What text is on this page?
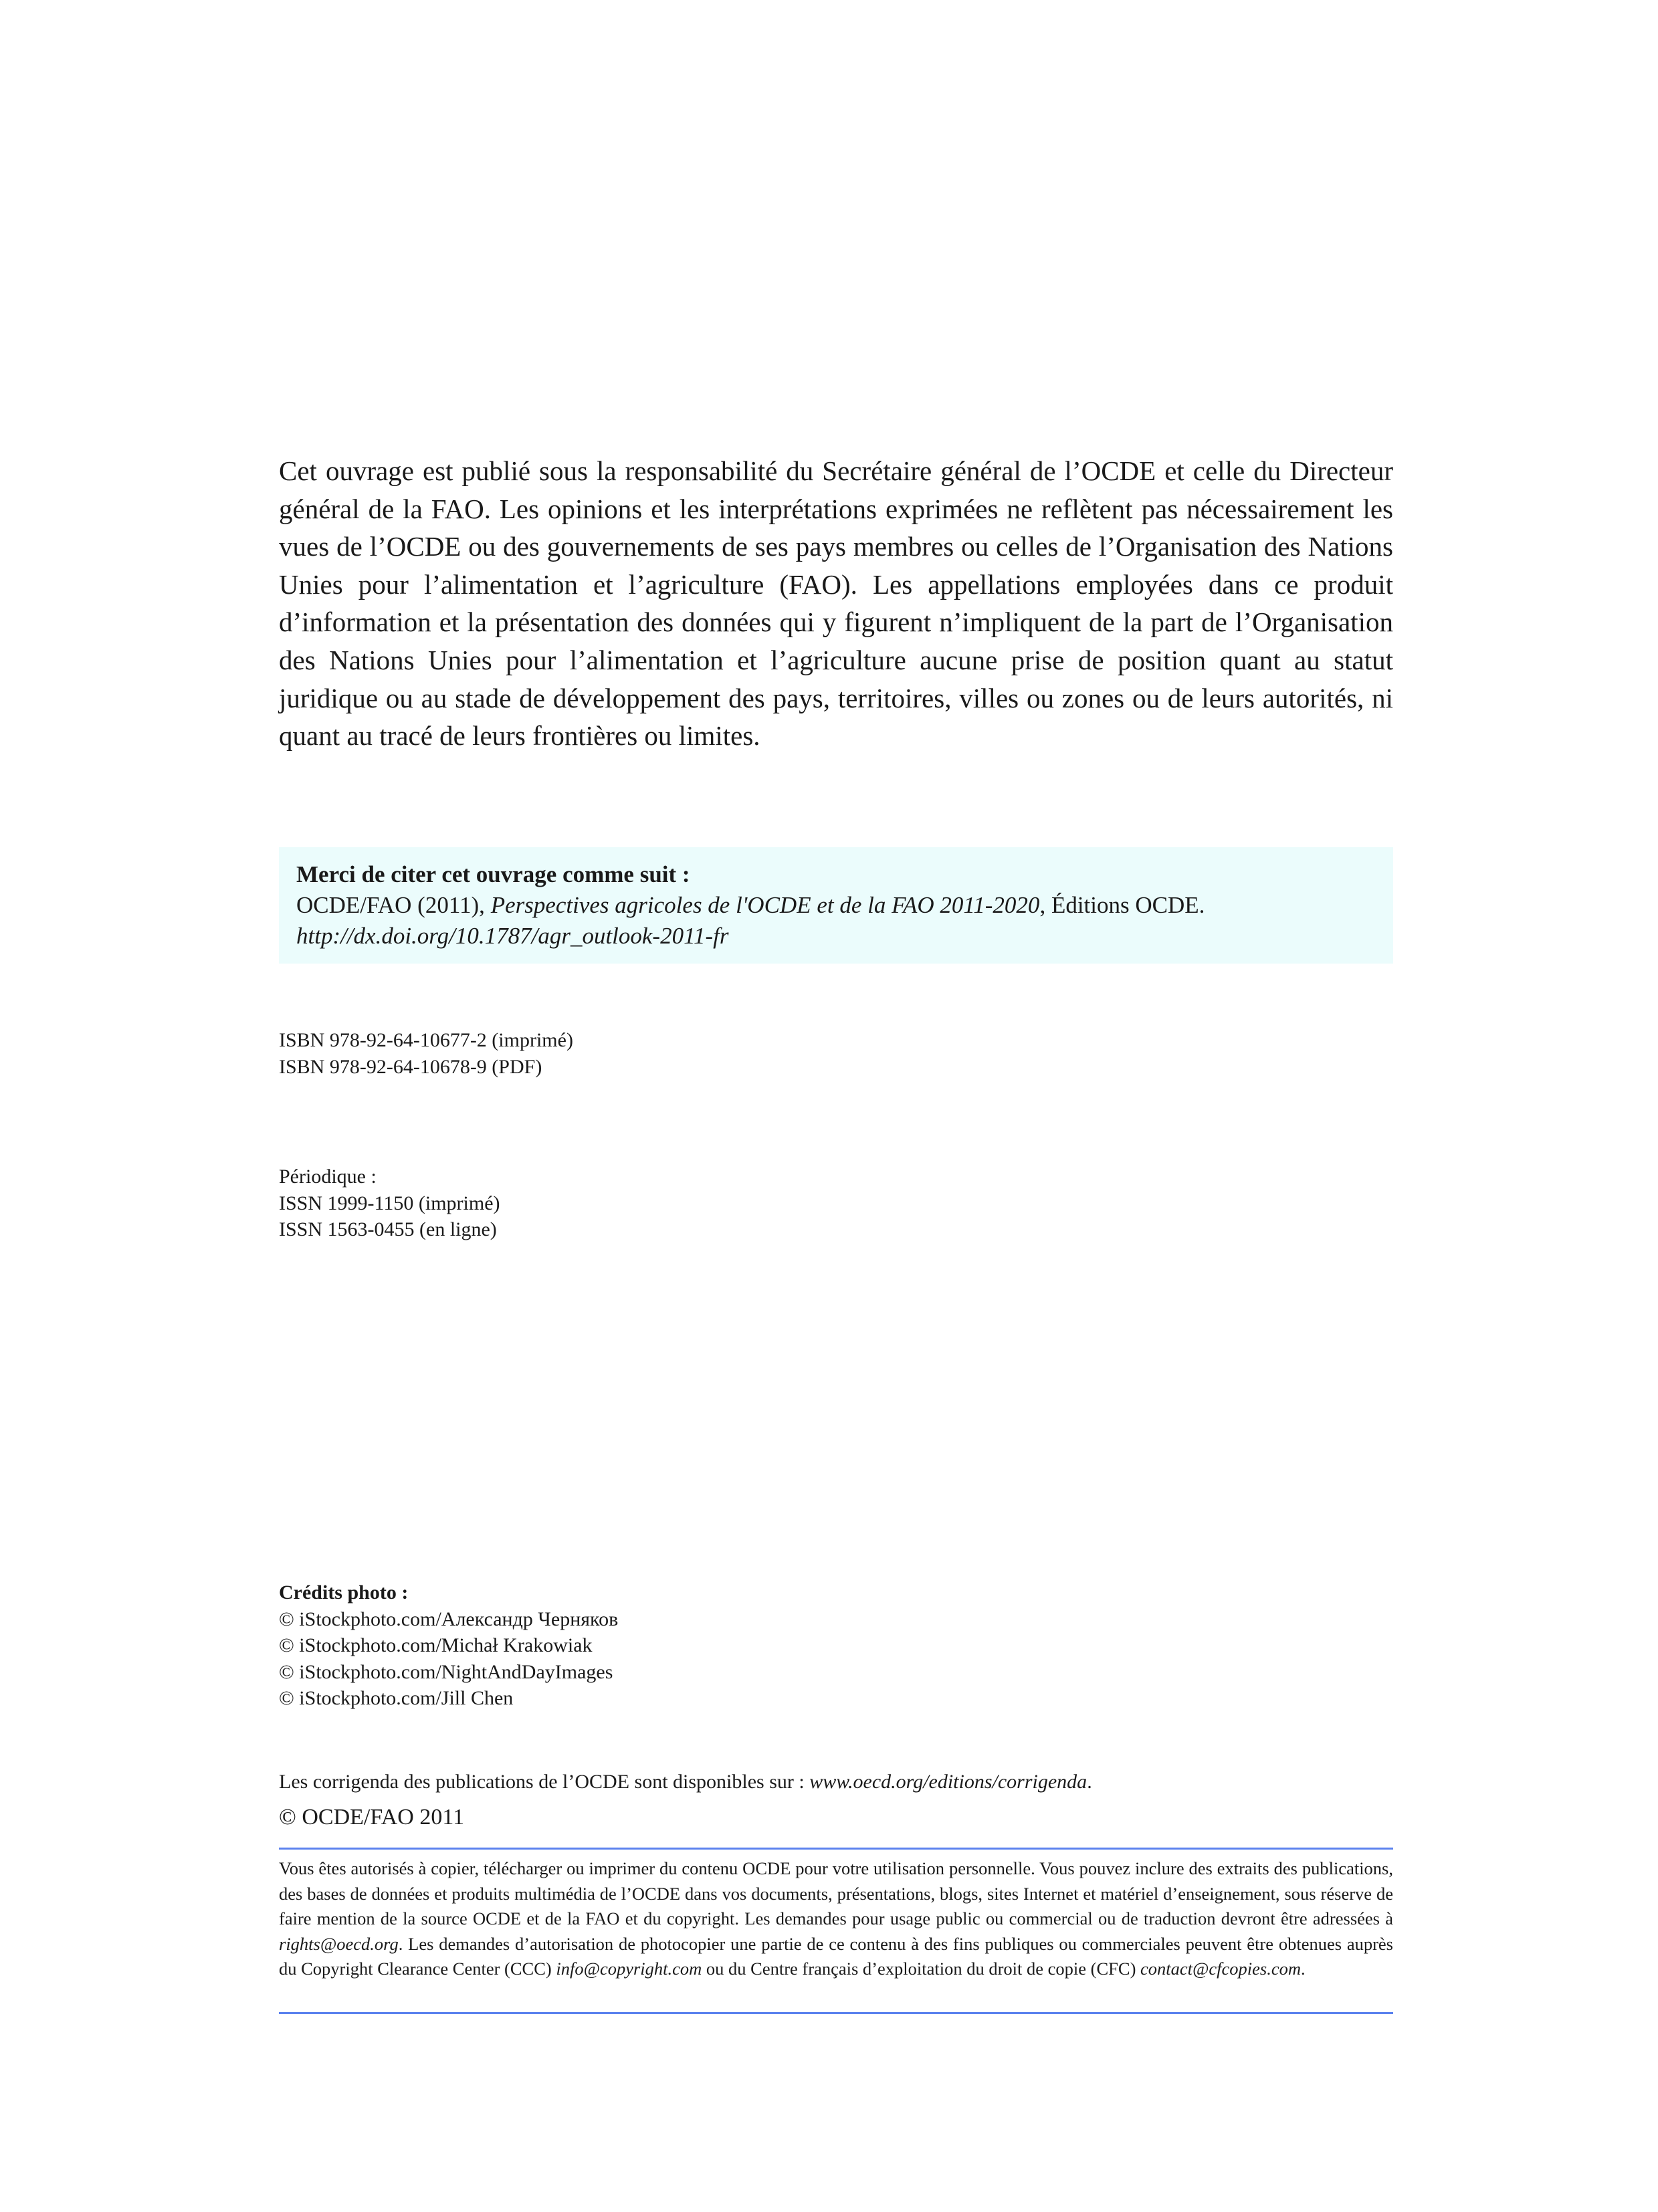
Cet ouvrage est publié sous la responsabilité du Secrétaire général de l’OCDE et celle du Directeur général de la FAO. Les opinions et les interprétations exprimées ne reflètent pas nécessairement les vues de l’OCDE ou des gouvernements de ses pays membres ou celles de l’Organisation des Nations Unies pour l’alimentation et l’agriculture (FAO). Les appellations employées dans ce produit d’information et la présentation des données qui y figurent n’impliquent de la part de l’Organisation des Nations Unies pour l’alimentation et l’agriculture aucune prise de position quant au statut juridique ou au stade de développement des pays, territoires, villes ou zones ou de leurs autorités, ni quant au tracé de leurs frontières ou limites.
Merci de citer cet ouvrage comme suit :
OCDE/FAO (2011), Perspectives agricoles de l'OCDE et de la FAO 2011-2020, Éditions OCDE.
http://dx.doi.org/10.1787/agr_outlook-2011-fr
ISBN 978-92-64-10677-2 (imprimé)
ISBN 978-92-64-10678-9 (PDF)
Périodique :
ISSN 1999-1150 (imprimé)
ISSN 1563-0455 (en ligne)
Crédits photo :
© iStockphoto.com/Александр Черняков
© iStockphoto.com/Michał Krakowiak
© iStockphoto.com/NightAndDayImages
© iStockphoto.com/Jill Chen
Les corrigenda des publications de l’OCDE sont disponibles sur : www.oecd.org/editions/corrigenda.
© OCDE/FAO 2011
Vous êtes autorisés à copier, télécharger ou imprimer du contenu OCDE pour votre utilisation personnelle. Vous pouvez inclure des extraits des publications, des bases de données et produits multimédia de l’OCDE dans vos documents, présentations, blogs, sites Internet et matériel d’enseignement, sous réserve de faire mention de la source OCDE et de la FAO et du copyright. Les demandes pour usage public ou commercial ou de traduction devront être adressées à rights@oecd.org. Les demandes d’autorisation de photocopier une partie de ce contenu à des fins publiques ou commerciales peuvent être obtenues auprès du Copyright Clearance Center (CCC) info@copyright.com ou du Centre français d’exploitation du droit de copie (CFC) contact@cfcopies.com.
